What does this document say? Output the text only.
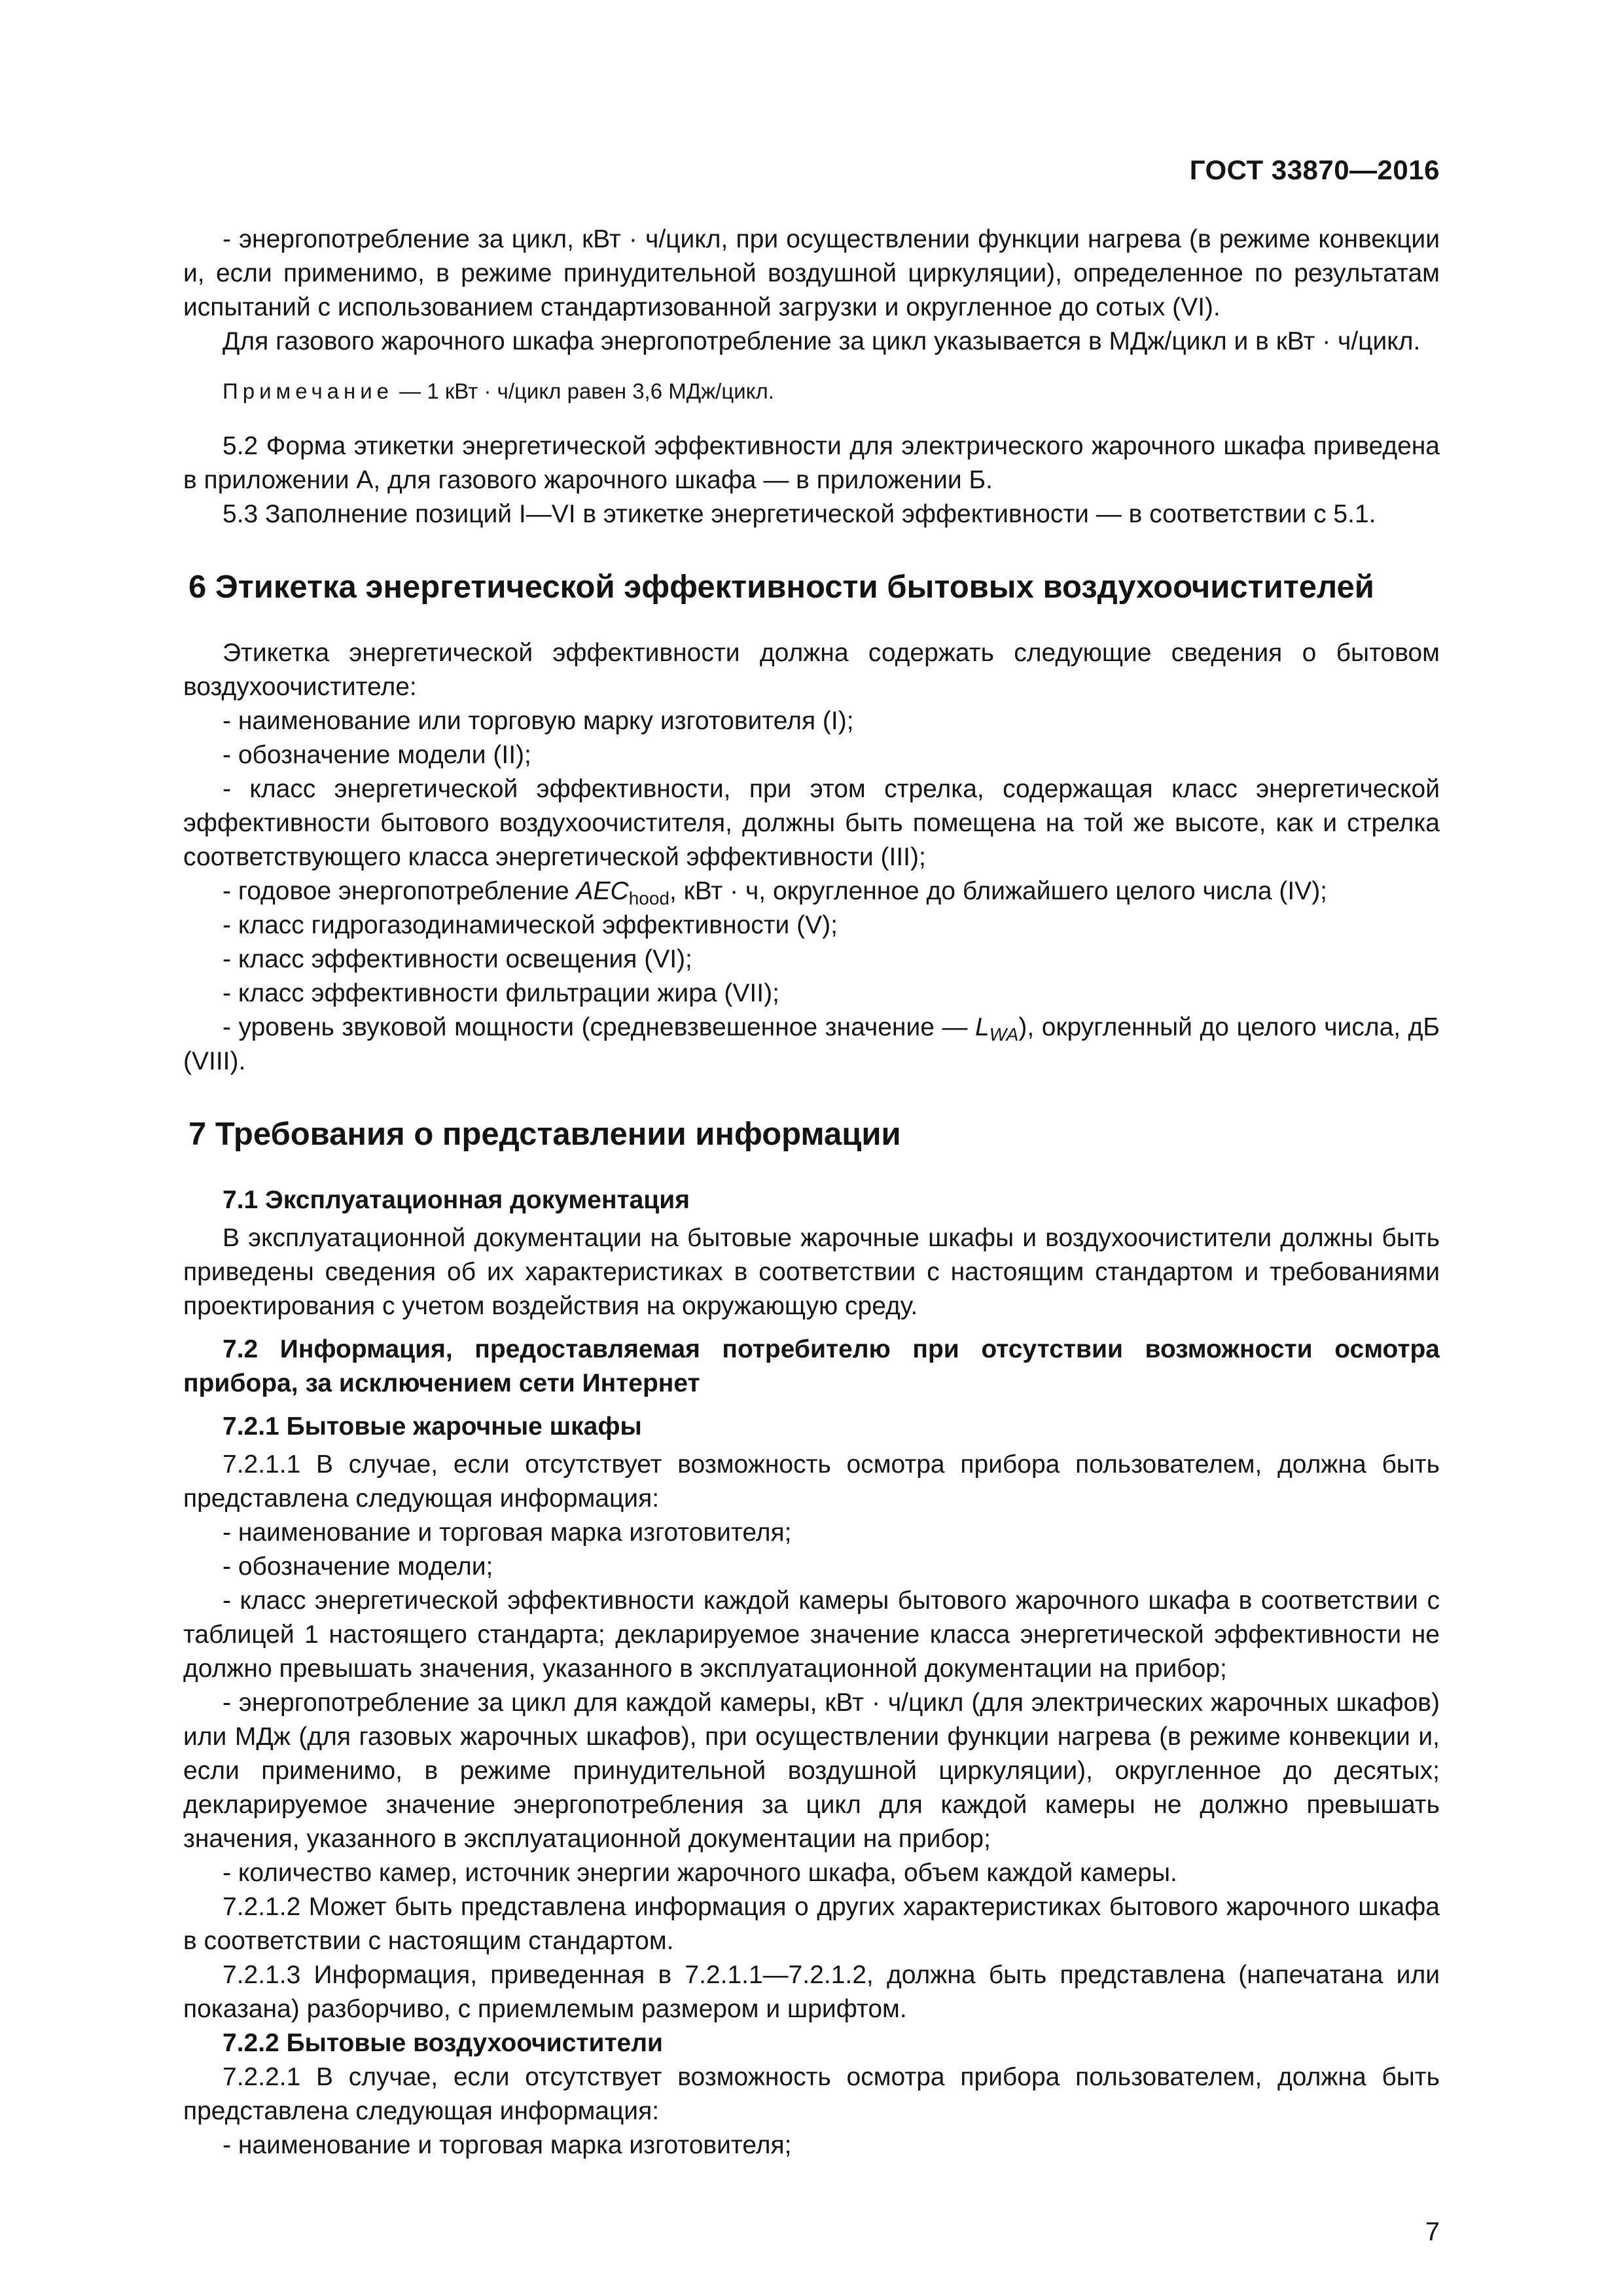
ГОСТ 33870—2016

- энергопотребление за цикл, кВт · ч/цикл, при осуществлении функции нагрева (в режиме конвекции и, если применимо, в режиме принудительной воздушной циркуляции), определенное по результатам испытаний с использованием стандартизованной загрузки и округленное до сотых (VI).

Для газового жарочного шкафа энергопотребление за цикл указывается в МДж/цикл и в кВт · ч/цикл.

Примечание — 1 кВт · ч/цикл равен 3,6 МДж/цикл.

5.2 Форма этикетки энергетической эффективности для электрического жарочного шкафа приведена в приложении А, для газового жарочного шкафа — в приложении Б.

5.3 Заполнение позиций I—VI в этикетке энергетической эффективности — в соответствии с 5.1.

6 Этикетка энергетической эффективности бытовых воздухоочистителей

Этикетка энергетической эффективности должна содержать следующие сведения о бытовом воздухоочистителе:

- наименование или торговую марку изготовителя (I);

- обозначение модели (II);

- класс энергетической эффективности, при этом стрелка, содержащая класс энергетической эффективности бытового воздухоочистителя, должны быть помещена на той же высоте, как и стрелка соответствующего класса энергетической эффективности (III);

- годовое энергопотребление $AEC_{hood}$, кВт · ч, округленное до ближайшего целого числа (IV);

- класс гидрогазодинамической эффективности (V);

- класс эффективности освещения (VI);

- класс эффективности фильтрации жира (VII);

- уровень звуковой мощности (средневзвешенное значение — $L_{WA}$), округленный до целого числа, дБ (VIII).

7 Требования о представлении информации
7.1 Эксплуатационная документация

В эксплуатационной документации на бытовые жарочные шкафы и воздухоочистители должны быть приведены сведения об их характеристиках в соответствии с настоящим стандартом и требованиями проектирования с учетом воздействия на окружающую среду.

7.2 Информация, предоставляемая потребителю при отсутствии возможности осмотра прибора, за исключением сети Интернет
7.2.1 Бытовые жарочные шкафы

7.2.1.1 В случае, если отсутствует возможность осмотра прибора пользователем, должна быть представлена следующая информация:

- наименование и торговая марка изготовителя;

- обозначение модели;

- класс энергетической эффективности каждой камеры бытового жарочного шкафа в соответствии с таблицей 1 настоящего стандарта; декларируемое значение класса энергетической эффективности не должно превышать значения, указанного в эксплуатационной документации на прибор;

- энергопотребление за цикл для каждой камеры, кВт · ч/цикл (для электрических жарочных шкафов) или МДж (для газовых жарочных шкафов), при осуществлении функции нагрева (в режиме конвекции и, если применимо, в режиме принудительной воздушной циркуляции), округленное до десятых; декларируемое значение энергопотребления за цикл для каждой камеры не должно превышать значения, указанного в эксплуатационной документации на прибор;

- количество камер, источник энергии жарочного шкафа, объем каждой камеры.

7.2.1.2 Может быть представлена информация о других характеристиках бытового жарочного шкафа в соответствии с настоящим стандартом.

7.2.1.3 Информация, приведенная в 7.2.1.1—7.2.1.2, должна быть представлена (напечатана или показана) разборчиво, с приемлемым размером и шрифтом.

7.2.2 Бытовые воздухоочистители

7.2.2.1 В случае, если отсутствует возможность осмотра прибора пользователем, должна быть представлена следующая информация:

- наименование и торговая марка изготовителя;

7
